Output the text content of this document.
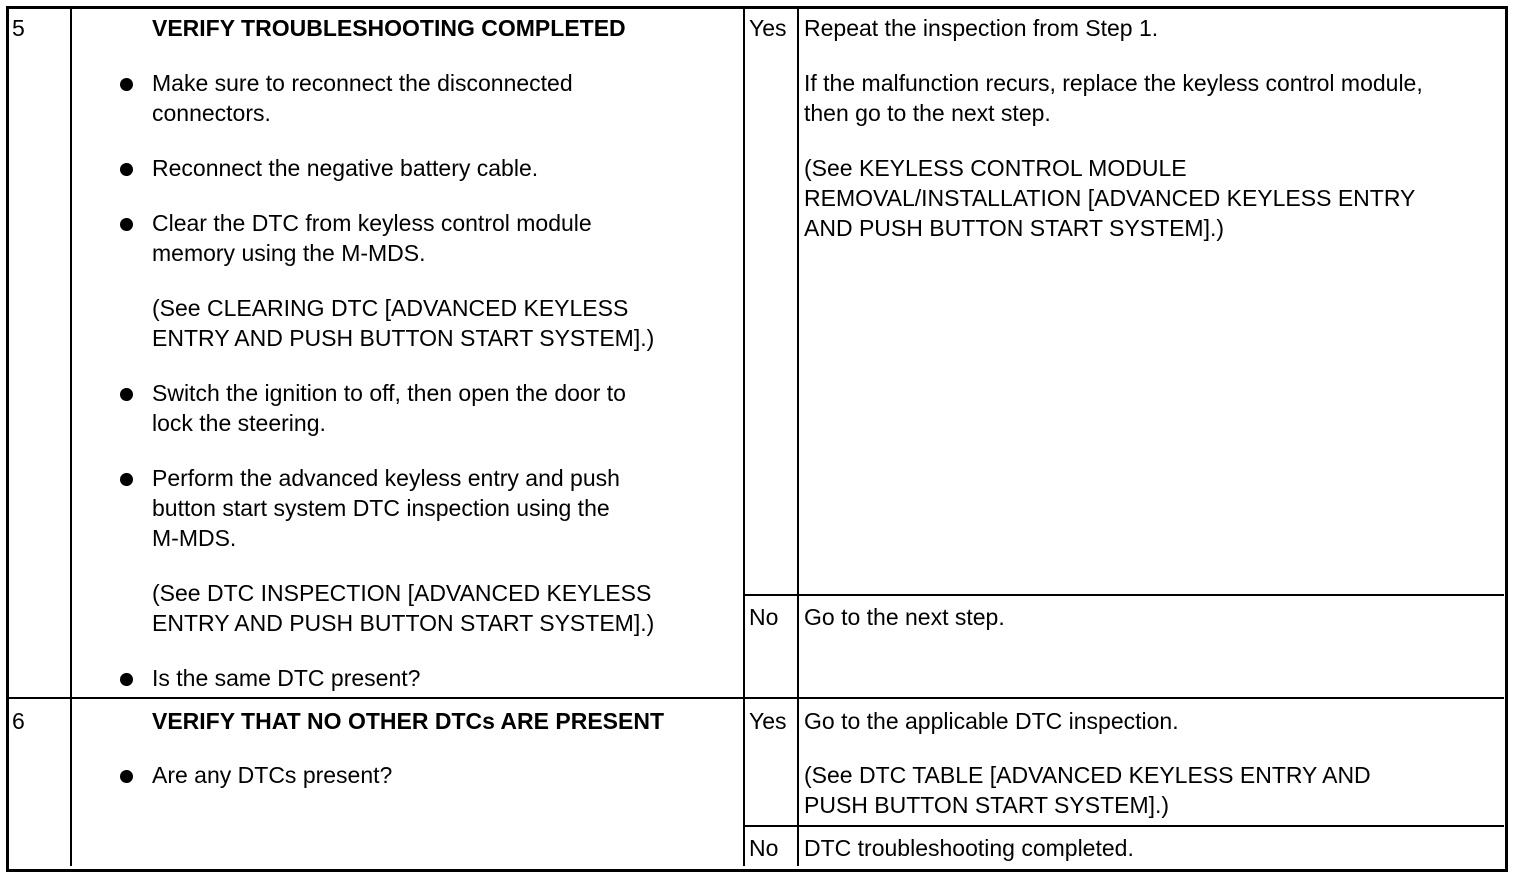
5	VERIFY TROUBLESHOOTING COMPLETED
Make sure to reconnect the disconnected
connectors.
Reconnect the negative battery cable.
Clear the DTC from keyless control module
memory using the M-MDS.
(See CLEARING DTC [ADVANCED KEYLESS
ENTRY AND PUSH BUTTON START SYSTEM].)
Switch the ignition to off, then open the door to
lock the steering.
Perform the advanced keyless entry and push
button start system DTC inspection using the
M-MDS.
(See DTC INSPECTION [ADVANCED KEYLESS
ENTRY AND PUSH BUTTON START SYSTEM].)
Is the same DTC present?
Yes Repeat the inspection from Step 1.
If the malfunction recurs, replace the keyless control module,
then go to the next step.
(See KEYLESS CONTROL MODULE
REMOVAL/INSTALLATION [ADVANCED KEYLESS ENTRY
AND PUSH BUTTON START SYSTEM].)
No Go to the next step.
6	VERIFY THAT NO OTHER DTCs ARE PRESENT
Are any DTCs present?
Yes Go to the applicable DTC inspection.
(See DTC TABLE [ADVANCED KEYLESS ENTRY AND
PUSH BUTTON START SYSTEM].)
No DTC troubleshooting completed.
